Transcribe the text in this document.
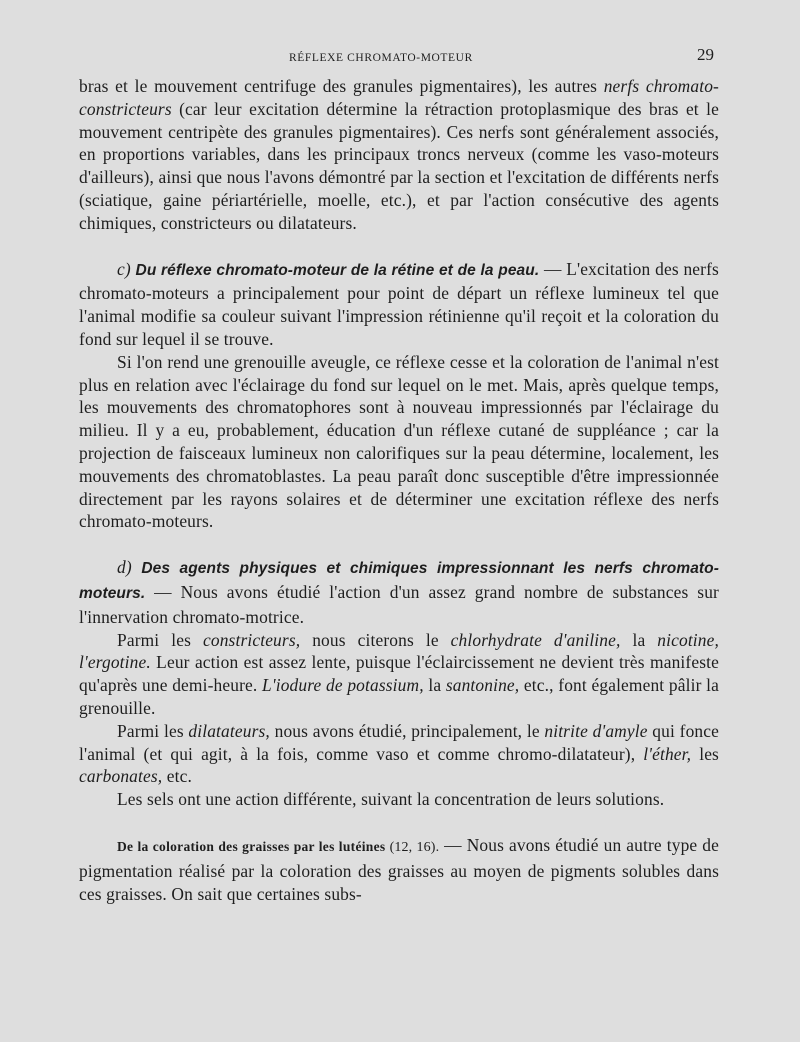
RÉFLEXE CHROMATO-MOTEUR	29

bras et le mouvement centrifuge des granules pigmentaires), les autres nerfs chromato-constricteurs (car leur excitation détermine la rétraction protoplasmique des bras et le mouvement centripète des granules pigmentaires). Ces nerfs sont généralement associés, en proportions variables, dans les principaux troncs nerveux (comme les vaso-moteurs d'ailleurs), ainsi que nous l'avons démontré par la section et l'excitation de différents nerfs (sciatique, gaine périartérielle, moelle, etc.), et par l'action consécutive des agents chimiques, constricteurs ou dilatateurs.

c) Du réflexe chromato-moteur de la rétine et de la peau. — L'excitation des nerfs chromato-moteurs a principalement pour point de départ un réflexe lumineux tel que l'animal modifie sa couleur suivant l'impression rétinienne qu'il reçoit et la coloration du fond sur lequel il se trouve.

Si l'on rend une grenouille aveugle, ce réflexe cesse et la coloration de l'animal n'est plus en relation avec l'éclairage du fond sur lequel on le met. Mais, après quelque temps, les mouvements des chromatophores sont à nouveau impressionnés par l'éclairage du milieu. Il y a eu, probablement, éducation d'un réflexe cutané de suppléance ; car la projection de faisceaux lumineux non calorifiques sur la peau détermine, localement, les mouvements des chromatoblastes. La peau paraît donc susceptible d'être impressionnée directement par les rayons solaires et de déterminer une excitation réflexe des nerfs chromato-moteurs.

d) Des agents physiques et chimiques impressionnant les nerfs chromato-moteurs. — Nous avons étudié l'action d'un assez grand nombre de substances sur l'innervation chromato-motrice.

Parmi les constricteurs, nous citerons le chlorhydrate d'aniline, la nicotine, l'ergotine. Leur action est assez lente, puisque l'éclaircissement ne devient très manifeste qu'après une demi-heure. L'iodure de potassium, la santonine, etc., font également pâlir la grenouille.

Parmi les dilatateurs, nous avons étudié, principalement, le nitrite d'amyle qui fonce l'animal (et qui agit, à la fois, comme vaso et comme chromo-dilatateur), l'éther, les carbonates, etc.

Les sels ont une action différente, suivant la concentration de leurs solutions.

De la coloration des graisses par les lutéines (12, 16). — Nous avons étudié un autre type de pigmentation réalisé par la coloration des graisses au moyen de pigments solubles dans ces graisses. On sait que certaines subs-
